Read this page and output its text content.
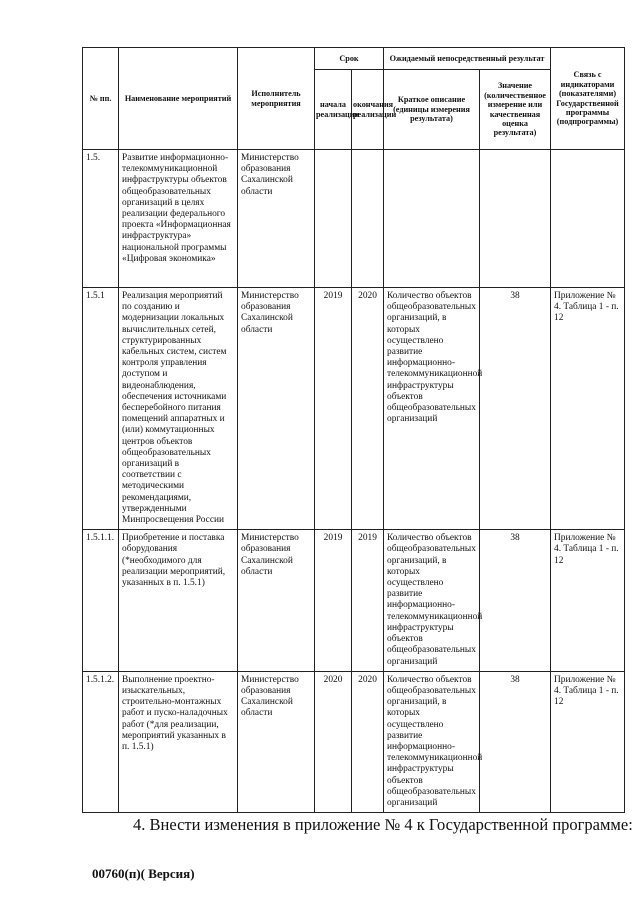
№ пп.	Наименование мероприятий	Исполнитель мероприятия	Срок		Ожидаемый непосредственный результат		Связь с индикаторами (показателями) Государственной программы (подпрограммы)
			начала реализации	окончания реализации	Краткое описание (единицы измерения результата)	Значение (количественное измерение или качественная оценка результата)	
1.5.	Развитие информационно-телекоммуникационной инфраструктуры объектов общеобразовательных организаций в целях реализации федерального проекта «Информационная инфраструктура» национальной программы «Цифровая экономика»	Министерство образования Сахалинской области					
1.5.1	Реализация мероприятий по созданию и модернизации локальных вычислительных сетей, структурированных кабельных систем, систем контроля управления доступом и видеонаблюдения, обеспечения источниками бесперебойного питания помещений аппаратных и (или) коммутационных центров объектов общеобразовательных организаций в соответствии с методическими рекомендациями, утвержденными Минпросвещения России	Министерство образования Сахалинской области	2019	2020	Количество объектов общеобразовательных организаций, в которых осуществлено развитие информационно-телекоммуникационной инфраструктуры объектов общеобразовательных организаций	38	Приложение № 4. Таблица 1 - п. 12
1.5.1.1.	Приобретение и поставка оборудования (*необходимого для реализации мероприятий, указанных в п. 1.5.1)	Министерство образования Сахалинской области	2019	2019	Количество объектов общеобразовательных организаций, в которых осуществлено развитие информационно-телекоммуникационной инфраструктуры объектов общеобразовательных организаций	38	Приложение № 4. Таблица 1 - п. 12
1.5.1.2.	Выполнение проектно-изыскательных, строительно-монтажных работ и пуско-наладочных работ (*для реализации, мероприятий указанных в п. 1.5.1)	Министерство образования Сахалинской области	2020	2020	Количество объектов общеобразовательных организаций, в которых осуществлено развитие информационно-телекоммуникационной инфраструктуры объектов общеобразовательных организаций	38	Приложение № 4. Таблица 1 - п. 12
4. Внести изменения в приложение № 4 к Государственной программе:
00760(п)( Версия)
